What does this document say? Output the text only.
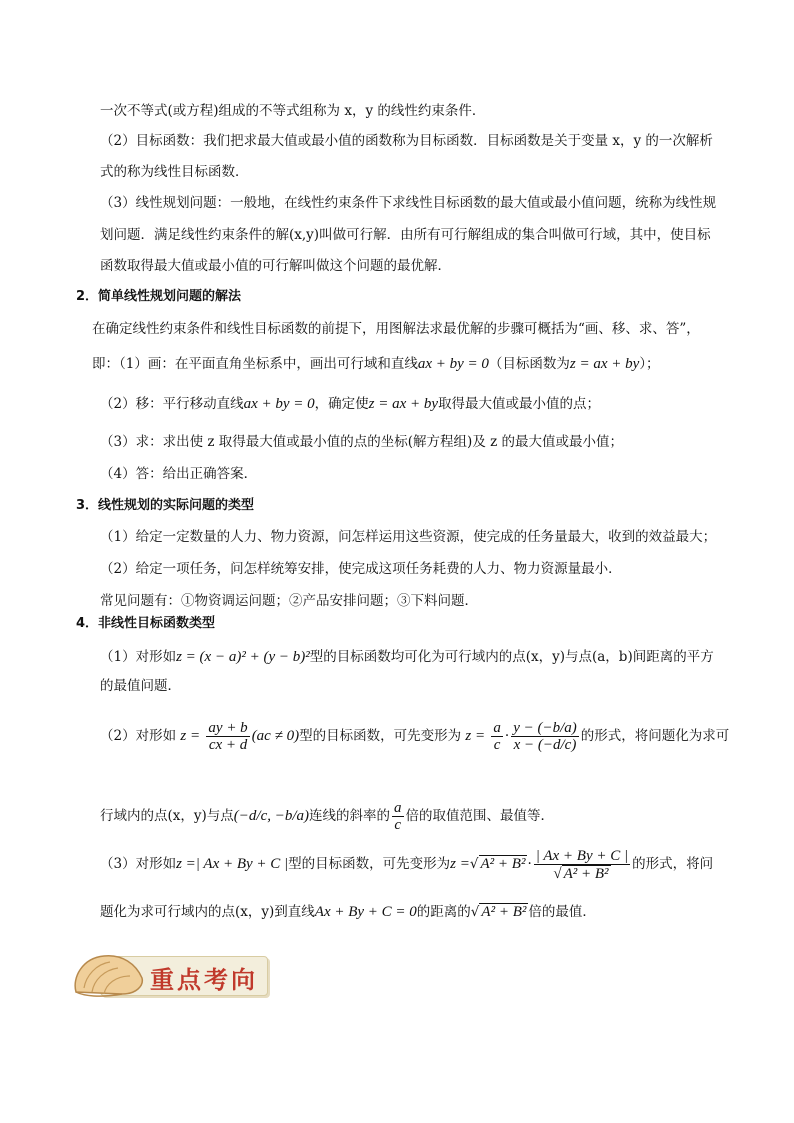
一次不等式(或方程)组成的不等式组称为 x，y 的线性约束条件．
（2）目标函数：我们把求最大值或最小值的函数称为目标函数．目标函数是关于变量 x，y 的一次解析
式的称为线性目标函数．
（3）线性规划问题：一般地，在线性约束条件下求线性目标函数的最大值或最小值问题，统称为线性规
划问题．满足线性约束条件的解(x,y)叫做可行解．由所有可行解组成的集合叫做可行域，其中，使目标
函数取得最大值或最小值的可行解叫做这个问题的最优解．
2．简单线性规划问题的解法
在确定线性约束条件和线性目标函数的前提下，用图解法求最优解的步骤可概括为“画、移、求、答”，
即：（1）画：在平面直角坐标系中，画出可行域和直线ax + by = 0（目标函数为z = ax + by）；
（2）移：平行移动直线ax + by = 0，确定使z = ax + by取得最大值或最小值的点；
（3）求：求出使 z 取得最大值或最小值的点的坐标(解方程组)及 z 的最大值或最小值；
（4）答：给出正确答案．
3．线性规划的实际问题的类型
（1）给定一定数量的人力、物力资源，问怎样运用这些资源，使完成的任务量最大，收到的效益最大；
（2）给定一项任务，问怎样统筹安排，使完成这项任务耗费的人力、物力资源量最小．
常见问题有：①物资调运问题；②产品安排问题；③下料问题．
4．非线性目标函数类型
（1）对形如z = (x − a)² + (y − b)²型的目标函数均可化为可行域内的点(x，y)与点(a，b)间距离的平方
的最值问题．
（2）对形如 $z = \frac{ay + b}{cx + d} (ac \ne 0)$型的目标函数，可先变形为 $z = \frac{a}{c} \cdot \frac{y - (-b/a)}{x - (-d/c)}$ 的形式，将问题化为求可
行域内的点(x，y)与点(−d/c, −b/a)连线的斜率的 $\frac{a}{c}$ 倍的取值范围、最值等．
（3）对形如z =| Ax + By + C |型的目标函数，可先变形为z =√ $A^2 + B^2 \cdot \frac{| Ax + By + C |}{\text{√ A² + B²}}$ 的形式，将问
题化为求可行域内的点(x，y)到直线Ax + By + C = 0的距离的√ A² + B² 倍的最值．
重点考向
